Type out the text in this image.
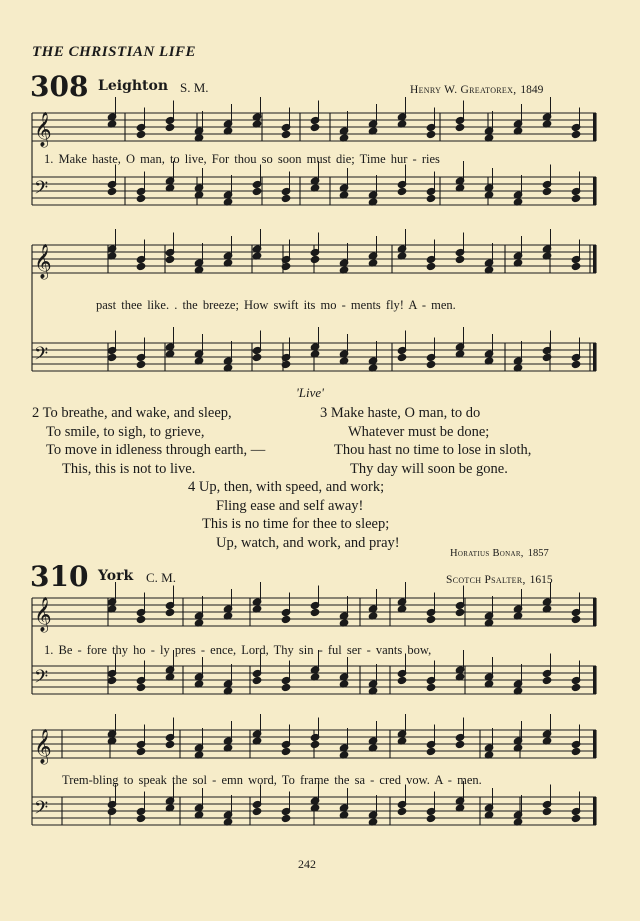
THE CHRISTIAN LIFE
308 Leighton S. M.	Henry W. Greatorex, 1849
1. Make haste, O man, to live, For thou so soon must die; Time hur - ries
past thee like. . the breeze; How swift its mo - ments fly! A - men.
'Live'
2 To breathe, and wake, and sleep,
To smile, to sigh, to grieve,
To move in idleness through earth, —
This, this is not to live.
3 Make haste, O man, to do
Whatever must be done;
Thou hast no time to lose in sloth,
Thy day will soon be gone.
4 Up, then, with speed, and work;
Fling ease and self away!
This is no time for thee to sleep;
Up, watch, and work, and pray!
Horatius Bonar, 1857
310 York C. M.	Scotch Psalter, 1615
1. Be - fore thy ho - ly pres - ence, Lord, Thy sin - ful ser - vants bow,
Trem-bling to speak the sol - emn word, To frame the sa - cred vow. A - men.
242
𝄞
𝄢
𝄞
𝄢
𝄞
𝄢
𝄞
𝄢
